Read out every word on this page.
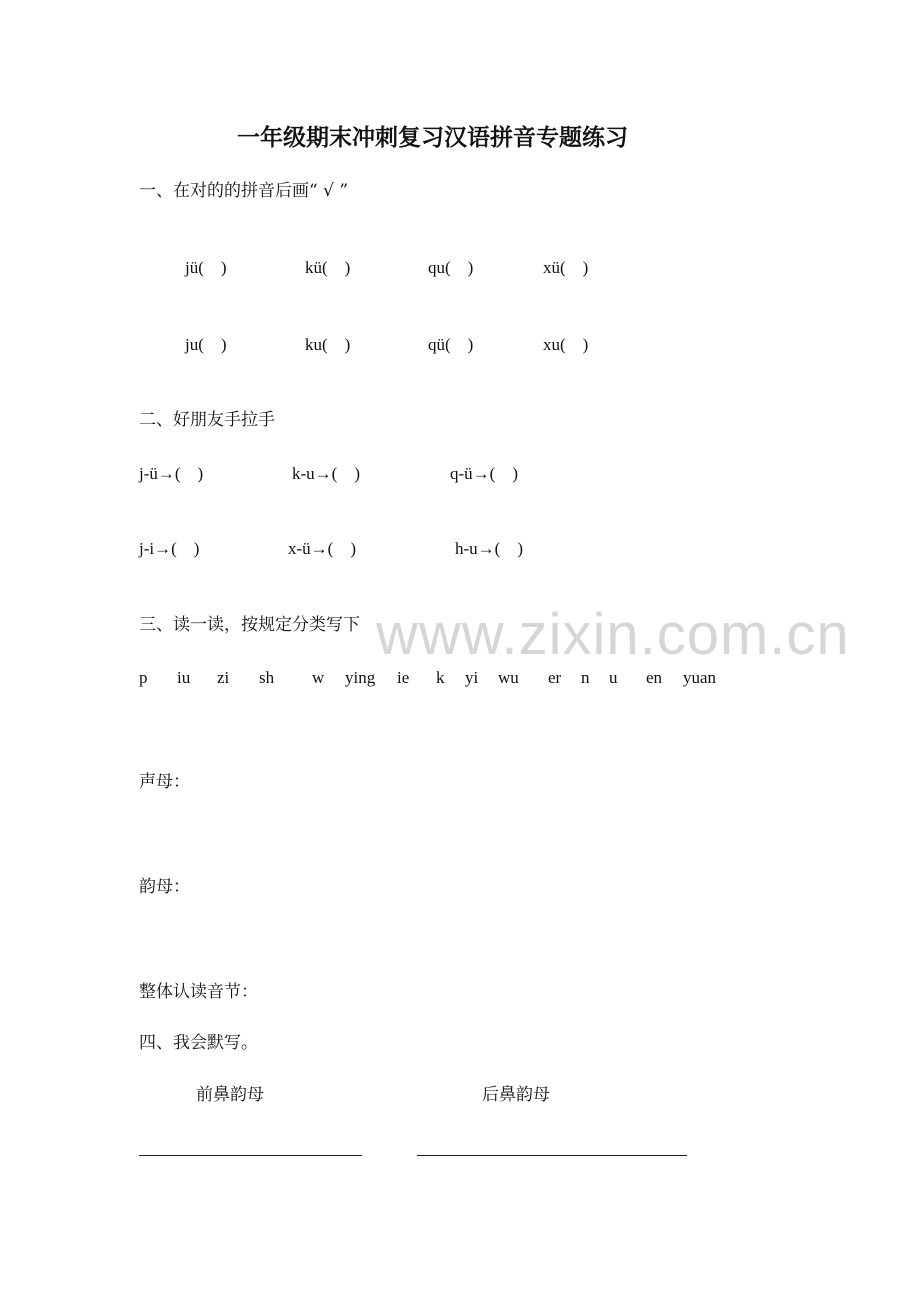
一年级期末冲刺复习汉语拼音专题练习
一、在对的的拼音后画“ √ ”
jü(　)	kü(　)	qu(　)	xü(　)
ju(　)	ku(　)	qü(　)	xu(　)
二、好朋友手拉手
j-ü→(　)	k-u→(　)	q-ü→(　)
j-i→(　)	x-ü→(　)	h-u→(　)
三、读一读，按规定分类写下
p iu zi sh w ying ie k yi wu er n u en yuan
声母：
韵母：
整体认读音节：
四、我会默写。
前鼻韵母	后鼻韵母
www.zixin.com.cn
